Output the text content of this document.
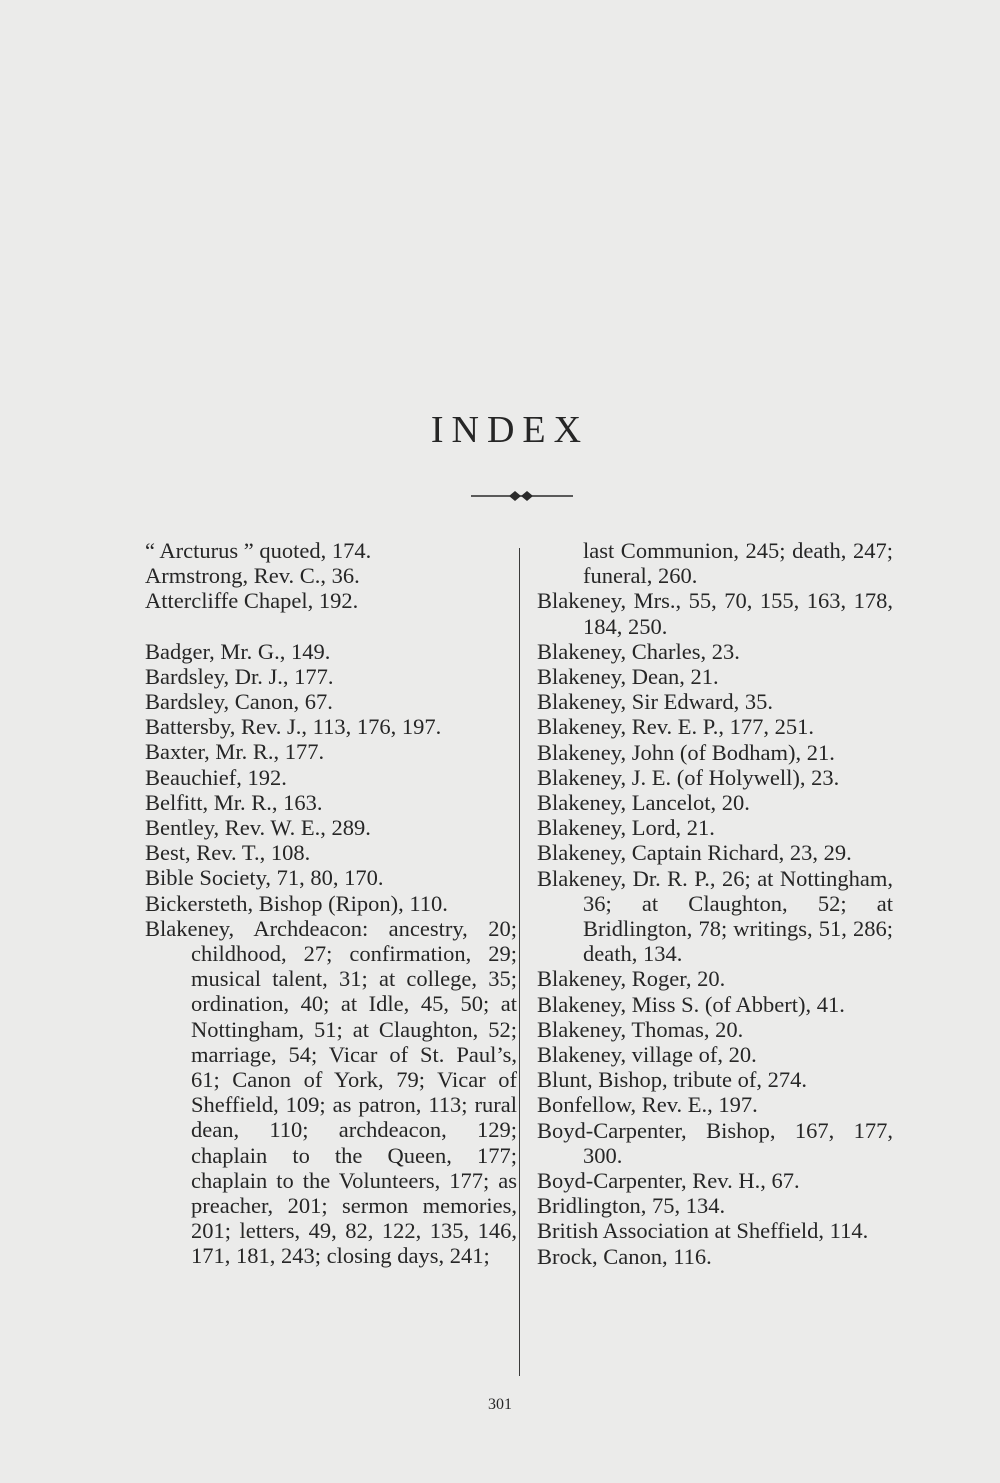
INDEX
“ Arcturus ” quoted, 174.
Armstrong, Rev. C., 36.
Attercliffe Chapel, 192.
Badger, Mr. G., 149.
Bardsley, Dr. J., 177.
Bardsley, Canon, 67.
Battersby, Rev. J., 113, 176, 197.
Baxter, Mr. R., 177.
Beauchief, 192.
Belfitt, Mr. R., 163.
Bentley, Rev. W. E., 289.
Best, Rev. T., 108.
Bible Society, 71, 80, 170.
Bickersteth, Bishop (Ripon), 110.
Blakeney, Archdeacon: ancestry, 20; childhood, 27; confirmation, 29; musical talent, 31; at college, 35; ordination, 40; at Idle, 45, 50; at Nottingham, 51; at Claughton, 52; marriage, 54; Vicar of St. Paul’s, 61; Canon of York, 79; Vicar of Sheffield, 109; as patron, 113; rural dean, 110; archdeacon, 129; chaplain to the Queen, 177; chaplain to the Volunteers, 177; as preacher, 201; sermon memories, 201; letters, 49, 82, 122, 135, 146, 171, 181, 243; closing days, 241;
last Communion, 245; death, 247; funeral, 260.
Blakeney, Mrs., 55, 70, 155, 163, 178, 184, 250.
Blakeney, Charles, 23.
Blakeney, Dean, 21.
Blakeney, Sir Edward, 35.
Blakeney, Rev. E. P., 177, 251.
Blakeney, John (of Bodham), 21.
Blakeney, J. E. (of Holywell), 23.
Blakeney, Lancelot, 20.
Blakeney, Lord, 21.
Blakeney, Captain Richard, 23, 29.
Blakeney, Dr. R. P., 26; at Nottingham, 36; at Claughton, 52; at Bridlington, 78; writings, 51, 286; death, 134.
Blakeney, Roger, 20.
Blakeney, Miss S. (of Abbert), 41.
Blakeney, Thomas, 20.
Blakeney, village of, 20.
Blunt, Bishop, tribute of, 274.
Bonfellow, Rev. E., 197.
Boyd-Carpenter, Bishop, 167, 177, 300.
Boyd-Carpenter, Rev. H., 67.
Bridlington, 75, 134.
British Association at Sheffield, 114.
Brock, Canon, 116.
301
